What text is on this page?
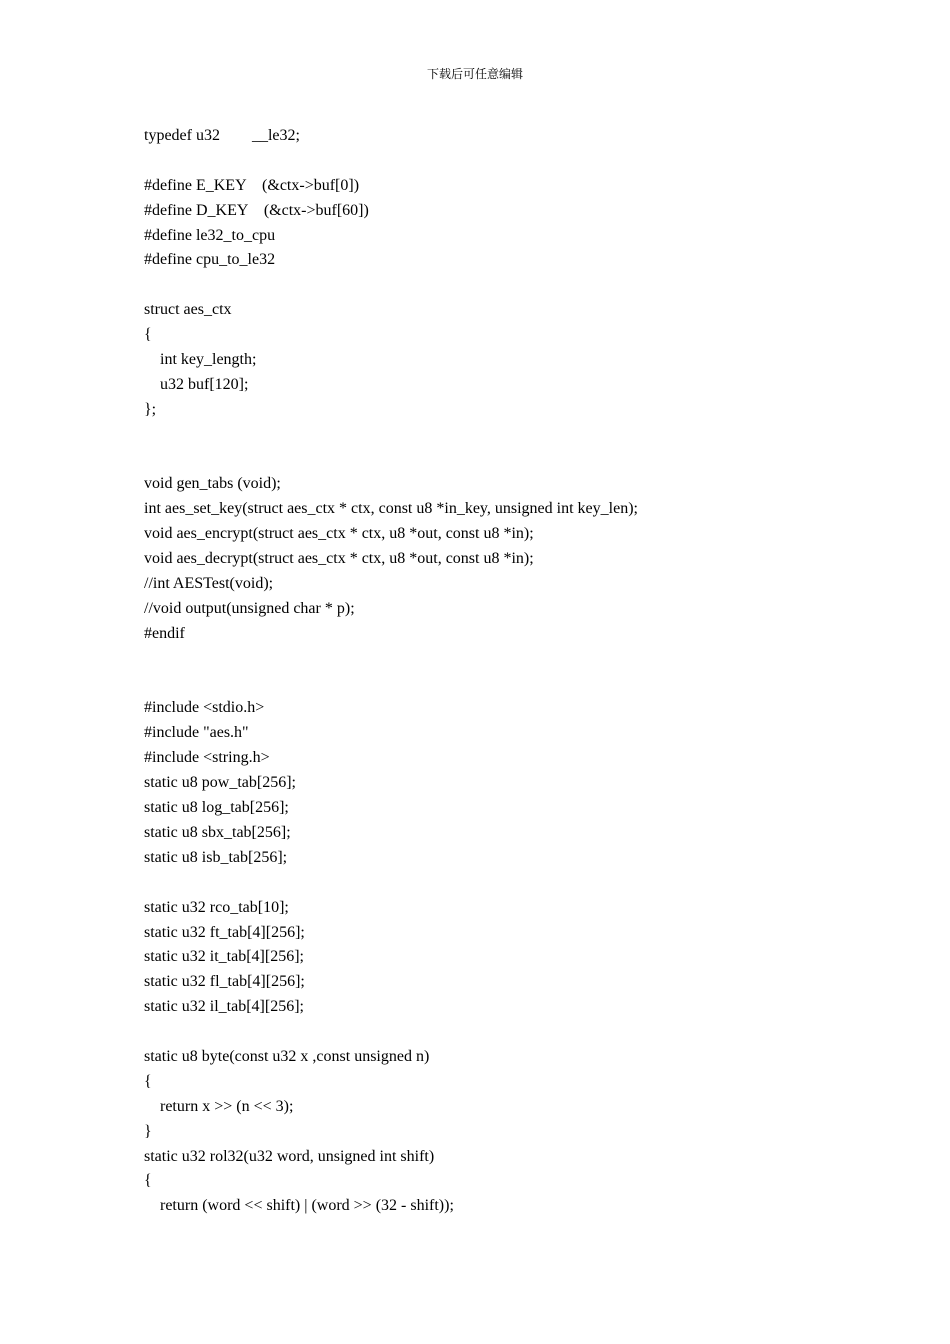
下载后可任意编辑
typedef u32        __le32;
#define E_KEY    (&ctx->buf[0])
#define D_KEY    (&ctx->buf[60])
#define le32_to_cpu
#define cpu_to_le32
struct aes_ctx
{
int key_length;
u32 buf[120];
};
void gen_tabs (void);
int aes_set_key(struct aes_ctx * ctx, const u8 *in_key, unsigned int key_len);
void aes_encrypt(struct aes_ctx * ctx, u8 *out, const u8 *in);
void aes_decrypt(struct aes_ctx * ctx, u8 *out, const u8 *in);
//int AESTest(void);
//void output(unsigned char * p);
#endif
#include <stdio.h>
#include "aes.h"
#include <string.h>
static u8 pow_tab[256];
static u8 log_tab[256];
static u8 sbx_tab[256];
static u8 isb_tab[256];
static u32 rco_tab[10];
static u32 ft_tab[4][256];
static u32 it_tab[4][256];
static u32 fl_tab[4][256];
static u32 il_tab[4][256];
static u8 byte(const u32 x ,const unsigned n)
{
return x >> (n << 3);
}
static u32 rol32(u32 word, unsigned int shift)
{
return (word << shift) | (word >> (32 - shift));
